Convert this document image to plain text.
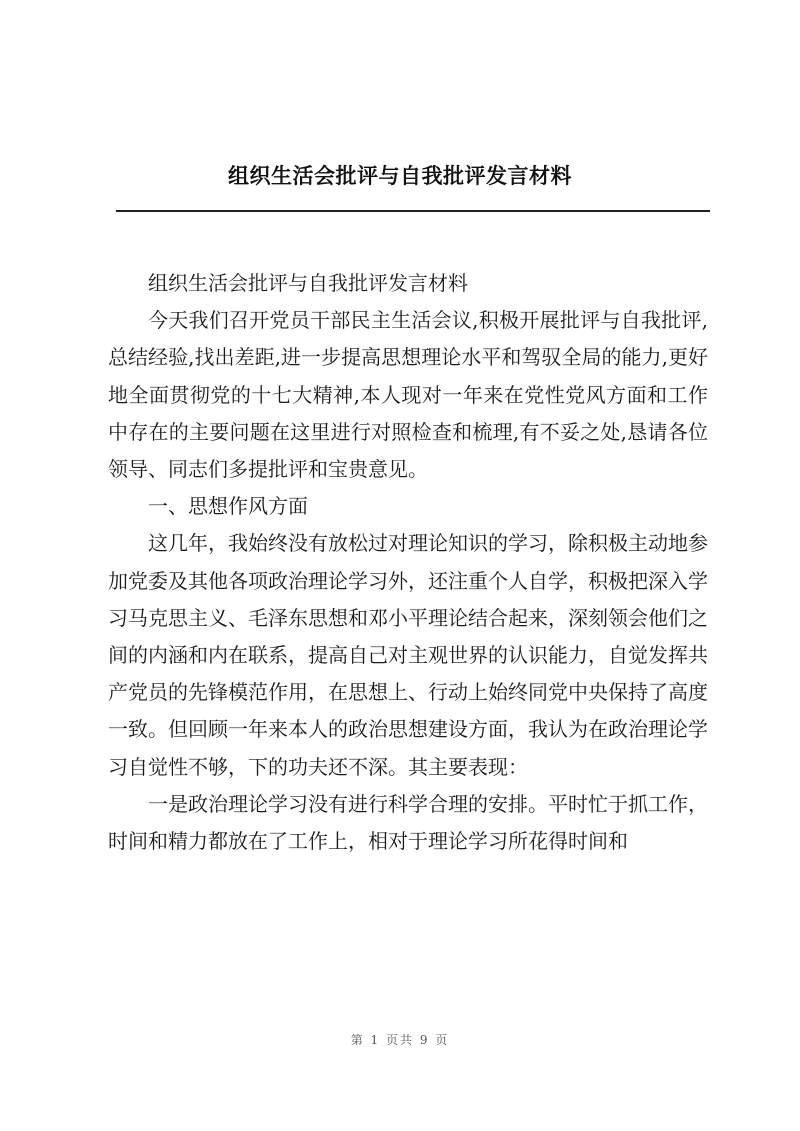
组织生活会批评与自我批评发言材料

组织生活会批评与自我批评发言材料

今天我们召开党员干部民主生活会议,积极开展批评与自我批评,总结经验,找出差距,进一步提高思想理论水平和驾驭全局的能力,更好地全面贯彻党的十七大精神,本人现对一年来在党性党风方面和工作中存在的主要问题在这里进行对照检查和梳理,有不妥之处,恳请各位领导、同志们多提批评和宝贵意见。

一、思想作风方面

这几年，我始终没有放松过对理论知识的学习，除积极主动地参加党委及其他各项政治理论学习外，还注重个人自学，积极把深入学习马克思主义、毛泽东思想和邓小平理论结合起来，深刻领会他们之间的内涵和内在联系，提高自己对主观世界的认识能力，自觉发挥共产党员的先锋模范作用，在思想上、行动上始终同党中央保持了高度一致。但回顾一年来本人的政治思想建设方面，我认为在政治理论学习自觉性不够，下的功夫还不深。其主要表现：

一是政治理论学习没有进行科学合理的安排。平时忙于抓工作，时间和精力都放在了工作上，相对于理论学习所花得时间和

第 1 页共 9 页
